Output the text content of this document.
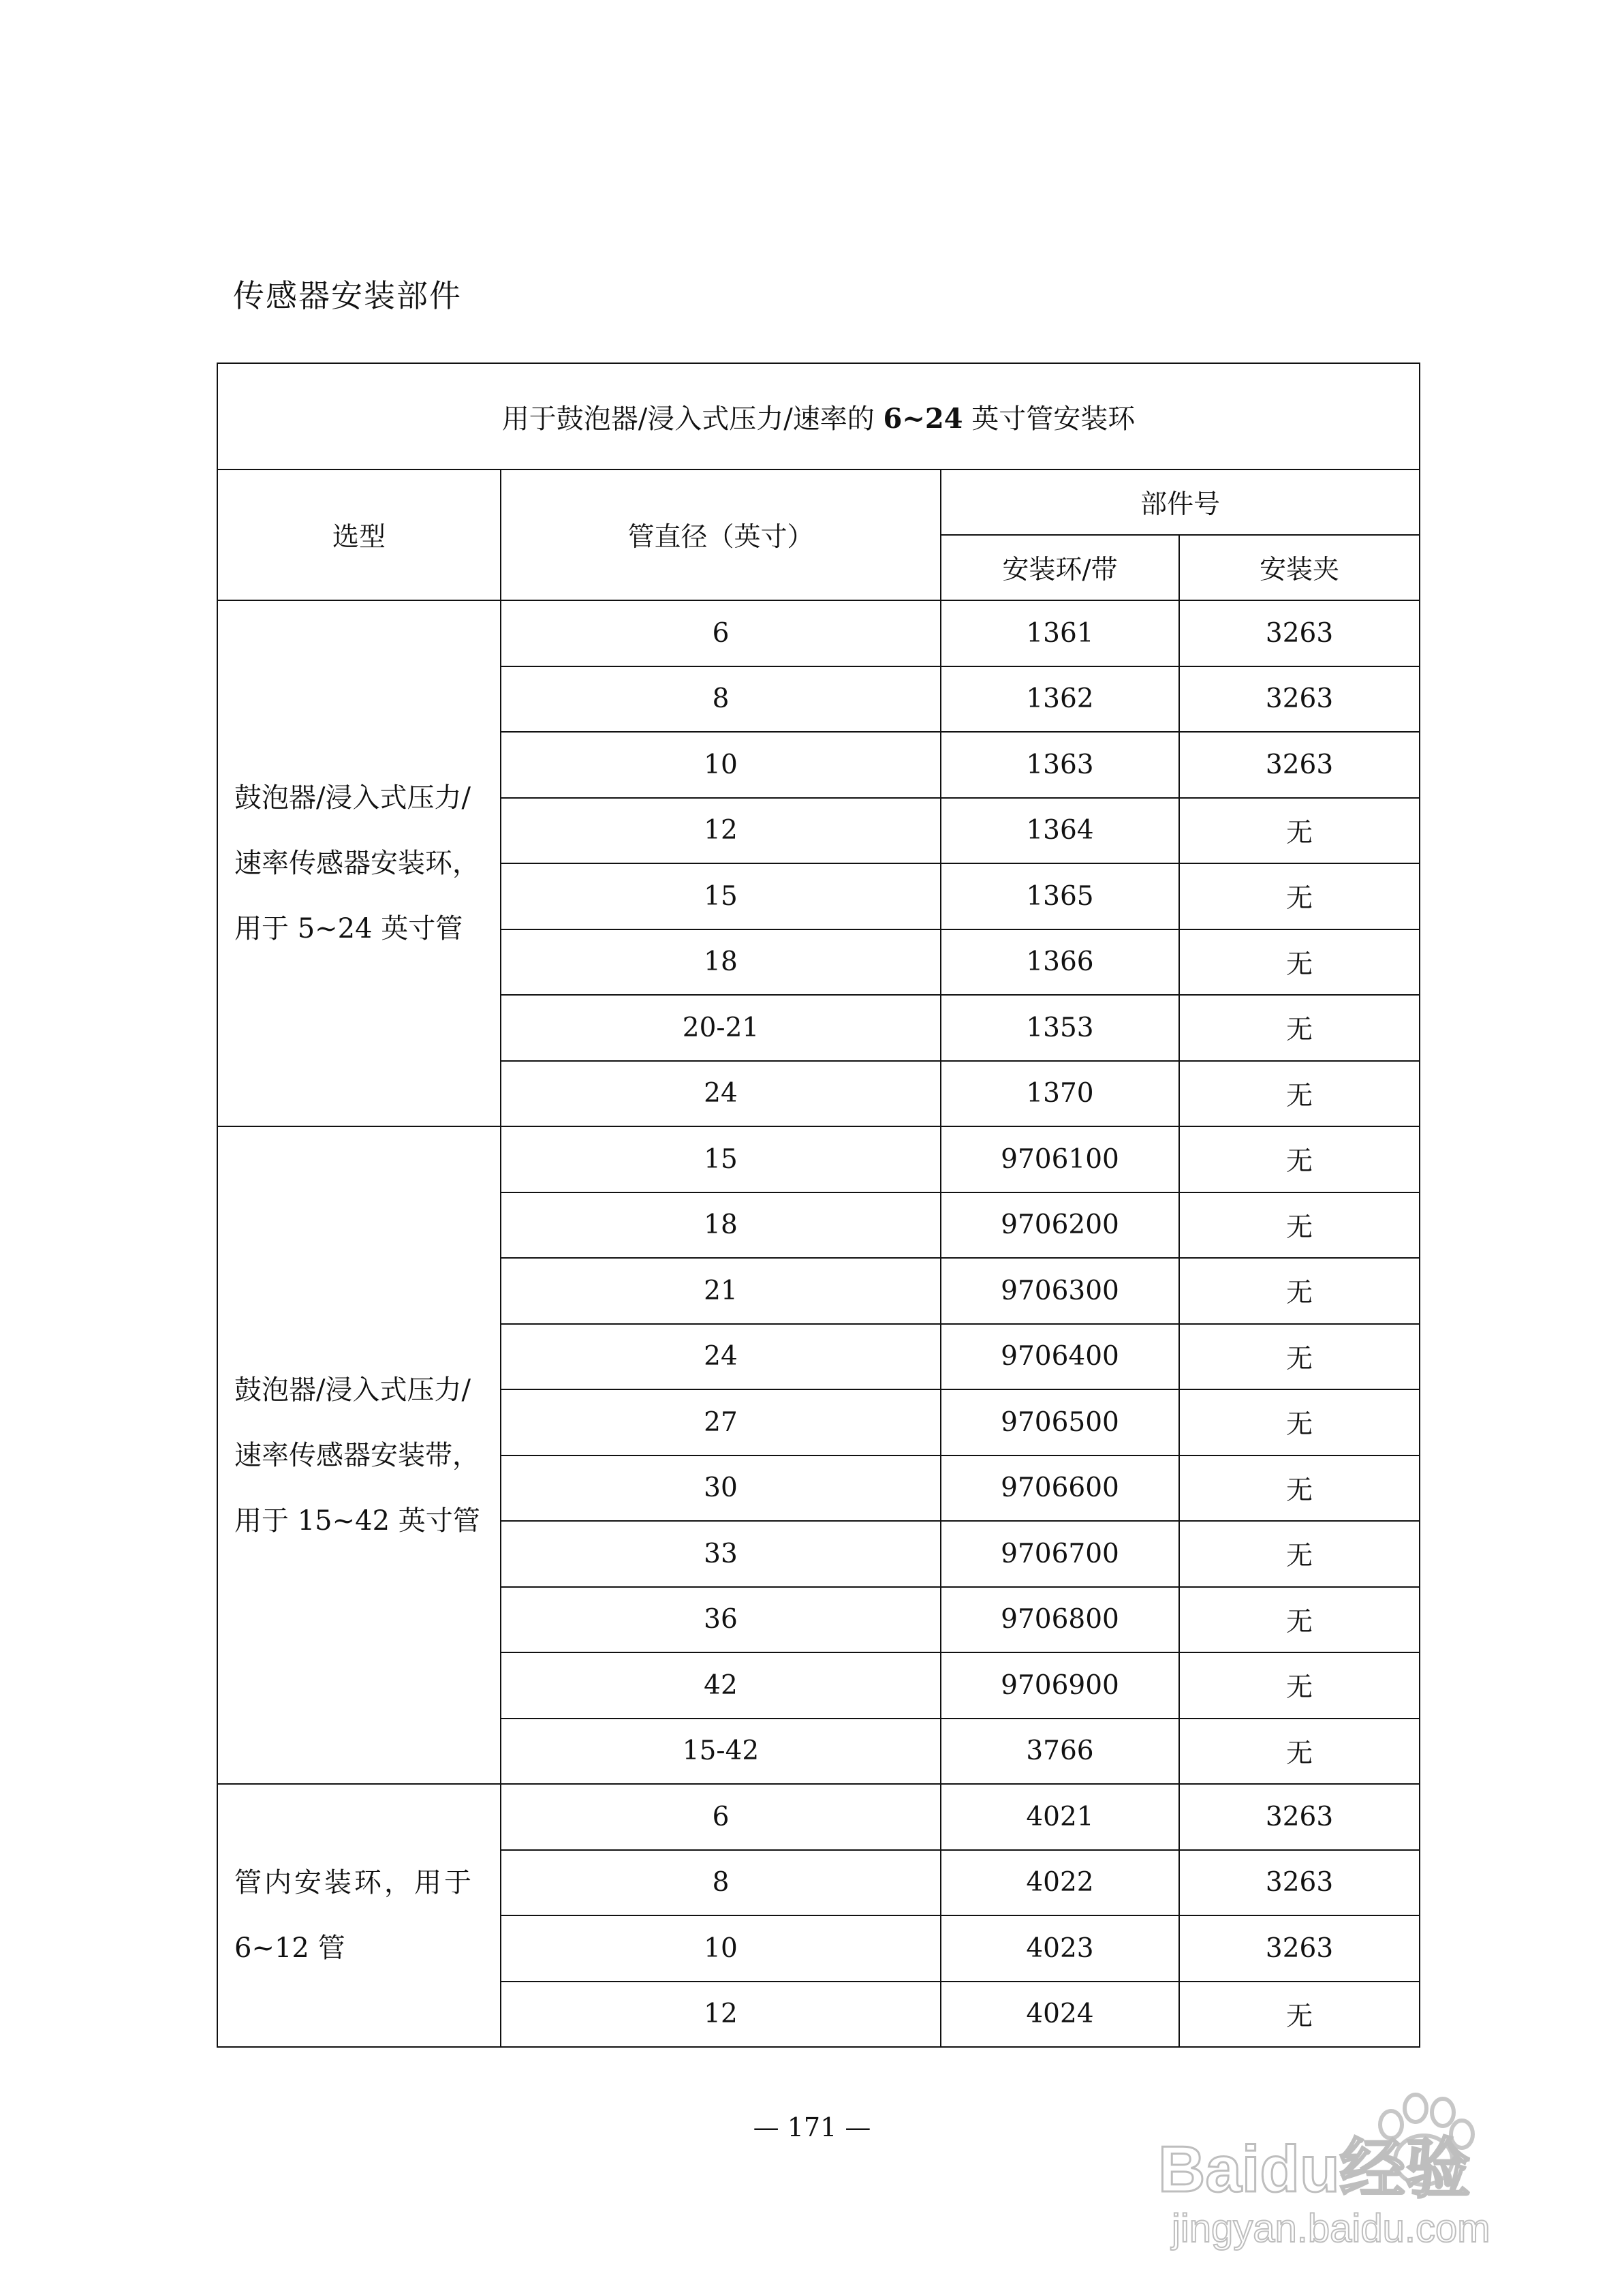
传感器安装部件
用于鼓泡器/浸入式压力/速率的 6~24 英寸管安装环			
选型	管直径（英寸）	部件号	
		安装环/带	安装夹

鼓泡器/浸入式压力/
速率传感器安装环，
用于 5~24 英寸管	6	1361	3263
	8	1362	3263
	10	1363	3263
	12	1364	无
	15	1365	无
	18	1366	无
	20-21	1353	无
	24	1370	无

鼓泡器/浸入式压力/
速率传感器安装带，
用于 15~42 英寸管	15	9706100	无
	18	9706200	无
	21	9706300	无
	24	9706400	无
	27	9706500	无
	30	9706600	无
	33	9706700	无
	36	9706800	无
	42	9706900	无
	15-42	3766	无

管内安装环，用于
6~12 管	6	4021	3263
	8	4022	3263
	10	4023	3263
	12	4024	无
— 171 —
Baidu经验
jingyan.baidu.com
